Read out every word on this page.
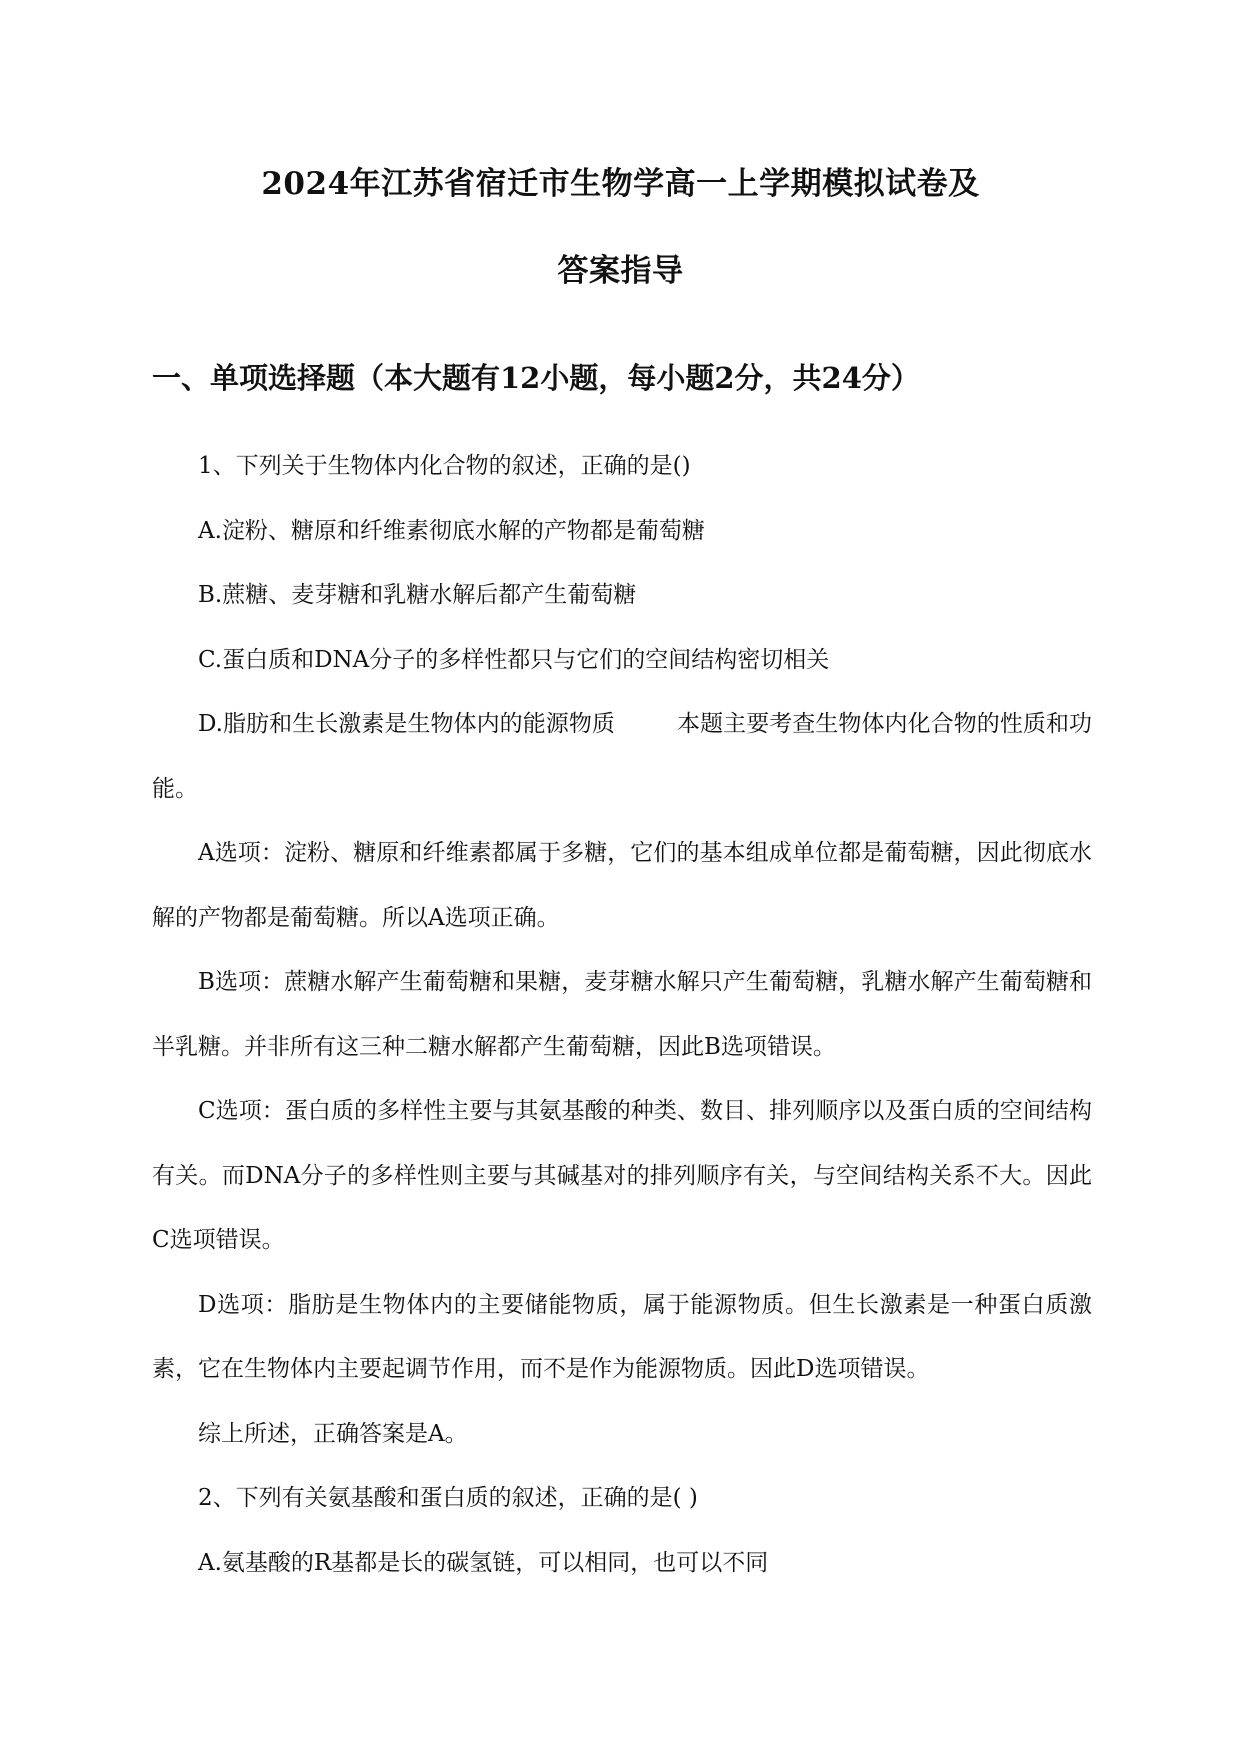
2024年江苏省宿迁市生物学高一上学期模拟试卷及
答案指导
一、单项选择题（本大题有12小题，每小题2分，共24分）

1、下列关于生物体内化合物的叙述，正确的是()

A.淀粉、糖原和纤维素彻底水解的产物都是葡萄糖

B.蔗糖、麦芽糖和乳糖水解后都产生葡萄糖

C.蛋白质和DNA分子的多样性都只与它们的空间结构密切相关

D.脂肪和生长激素是生物体内的能源物质	本题主要考查生物体内化合物的性质和功能。

A选项：淀粉、糖原和纤维素都属于多糖，它们的基本组成单位都是葡萄糖，因此彻底水解的产物都是葡萄糖。所以A选项正确。

B选项：蔗糖水解产生葡萄糖和果糖，麦芽糖水解只产生葡萄糖，乳糖水解产生葡萄糖和半乳糖。并非所有这三种二糖水解都产生葡萄糖，因此B选项错误。

C选项：蛋白质的多样性主要与其氨基酸的种类、数目、排列顺序以及蛋白质的空间结构有关。而DNA分子的多样性则主要与其碱基对的排列顺序有关，与空间结构关系不大。因此C选项错误。

D选项：脂肪是生物体内的主要储能物质，属于能源物质。但生长激素是一种蛋白质激素，它在生物体内主要起调节作用，而不是作为能源物质。因此D选项错误。

综上所述，正确答案是A。

2、下列有关氨基酸和蛋白质的叙述，正确的是( )

A.氨基酸的R基都是长的碳氢链，可以相同，也可以不同
